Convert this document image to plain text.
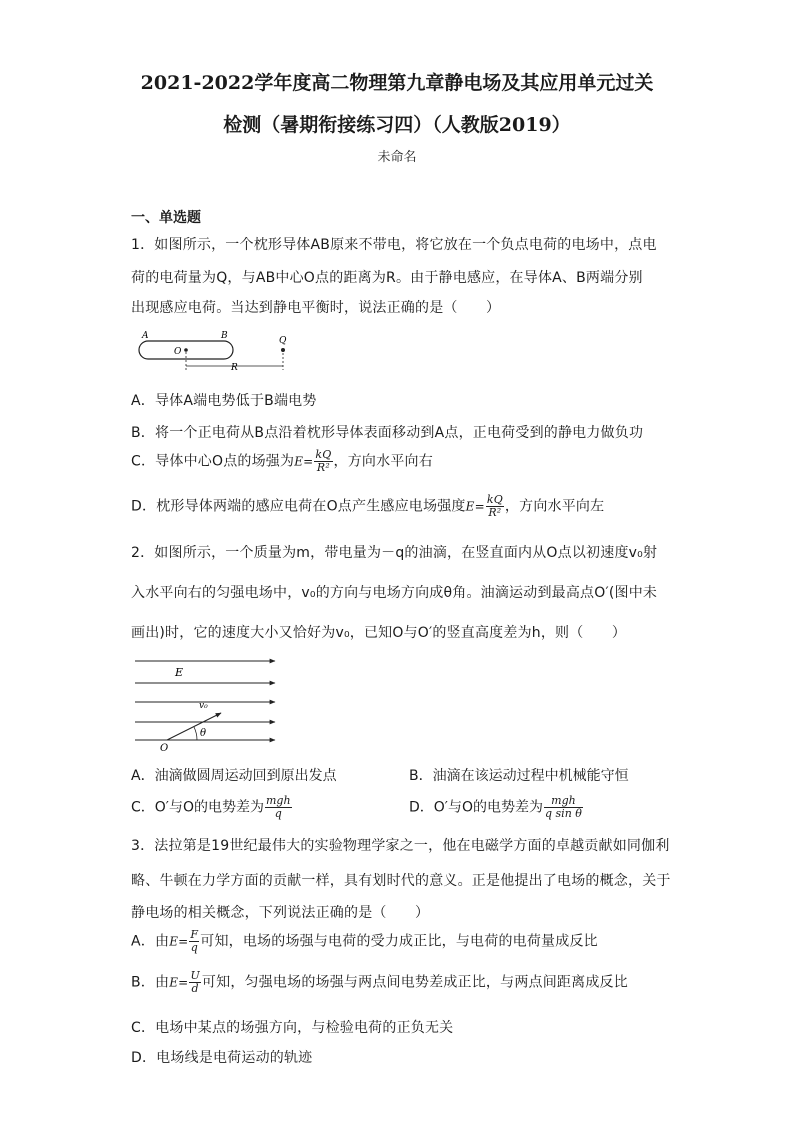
2021-2022学年度高二物理第九章静电场及其应用单元过关
检测（暑期衔接练习四）（人教版2019）
未命名
一、单选题
1．如图所示，一个枕形导体AB原来不带电，将它放在一个负点电荷的电场中，点电
荷的电荷量为Q，与AB中心O点的距离为R。由于静电感应，在导体A、B两端分别
出现感应电荷。当达到静电平衡时，说法正确的是（　　）
A	B
O
Q
R
A．导体A端电势低于B端电势
B．将一个正电荷从B点沿着枕形导体表面移动到A点，正电荷受到的静电力做负功
C．导体中心O点的场强为$E= \frac{kQ}{\text{R²}}$ ，方向水平向右
D．枕形导体两端的感应电荷在O点产生感应电场强度$E= \frac{kQ}{\text{R²}}$ ，方向水平向左
2．如图所示，一个质量为m，带电量为－q的油滴，在竖直面内从O点以初速度v₀射
入水平向右的匀强电场中，v₀的方向与电场方向成θ角。油滴运动到最高点O′(图中未
画出)时，它的速度大小又恰好为v₀，已知O与O′的竖直高度差为h，则（　　）
E
v₀
θ
O
A．油滴做圆周运动回到原出发点	B．油滴在该运动过程中机械能守恒
C．O′与O的电势差为 $\frac{\text{mgh}}{q}$	D．O′与O的电势差为 $\frac{\text{mgh}}{\text{q sin θ}}$
3．法拉第是19世纪最伟大的实验物理学家之一，他在电磁学方面的卓越贡献如同伽利
略、牛顿在力学方面的贡献一样，具有划时代的意义。正是他提出了电场的概念，关于
静电场的相关概念，下列说法正确的是（　　）
A．由$E= \frac{F}{q}$ 可知，电场的场强与电荷的受力成正比，与电荷的电荷量成反比
B．由$E= \frac{U}{d}$ 可知，匀强电场的场强与两点间电势差成正比，与两点间距离成反比
C．电场中某点的场强方向，与检验电荷的正负无关
D．电场线是电荷运动的轨迹
